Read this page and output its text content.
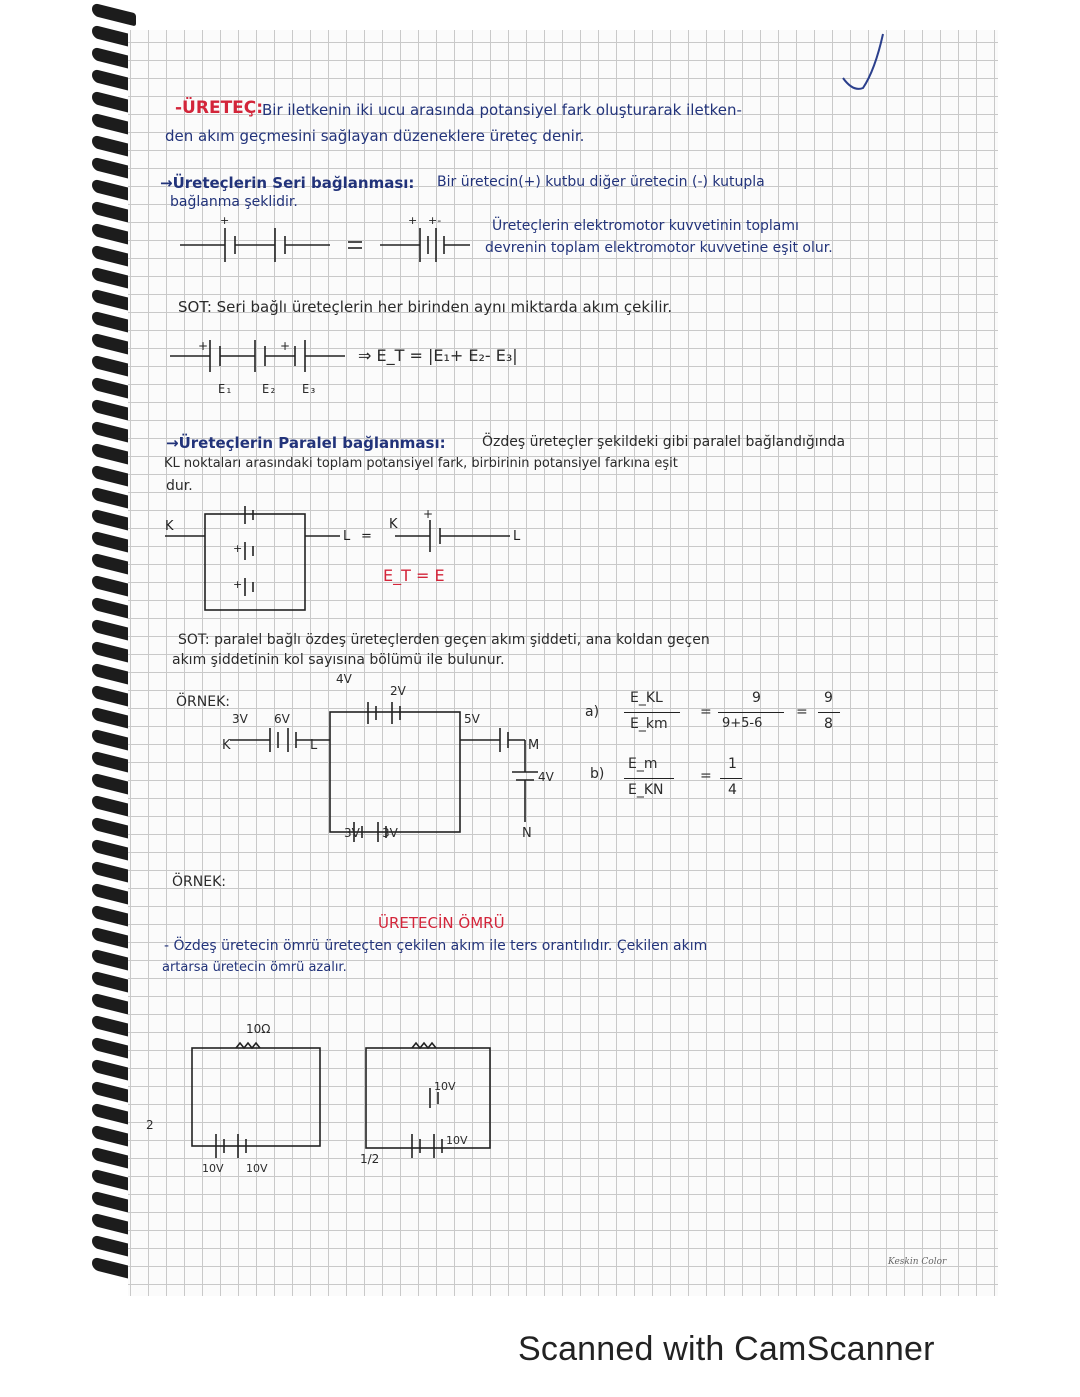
-ÜRETEÇ:
Bir iletkenin iki ucu arasında potansiyel fark oluşturarak iletken-
den akım geçmesini sağlayan düzeneklere üreteç denir.
→Üreteçlerin Seri bağlanması: Bir üretecin(+) kutbu diğer üretecin (-) kutupla
bağlanma şeklidir.
Üreteçlerin elektromotor kuvvetinin toplamı
devrenin toplam elektromotor kuvvetine eşit olur.
+	+ +-
SOT: Seri bağlı üreteçlerin her birinden aynı miktarda akım çekilir.
+	+
E₁ E₂ E₃
⇒ E_T = |E₁+ E₂- E₃|
→Üreteçlerin Paralel bağlanması:	Özdeş üreteçler şekildeki gibi paralel bağlandığında
KL noktaları arasındaki toplam potansiyel fark, birbirinin potansiyel farkına eşit
dur.
K
L =
K
+
L
+
+	E_T = E
SOT: paralel bağlı özdeş üreteçlerden geçen akım şiddeti, ana koldan geçen
akım şiddetinin kol sayısına bölümü ile bulunur.
ÖRNEK:
4V
2V
3V 6V	5V
3V 3V
4V
K	L	M
N
a)
E_KL
E_km
=
9
9+5-6
=
9
8
b)
E_m
E_KN
=
1
4
ÖRNEK:
ÜRETECİN ÖMRÜ
- Özdeş üretecin ömrü üreteçten çekilen akım ile ters orantılıdır. Çekilen akım
artarsa üretecin ömrü azalır.
10Ω
10V 10V
10V
10V
1/2
2
Keskin Color
Scanned with CamScanner
